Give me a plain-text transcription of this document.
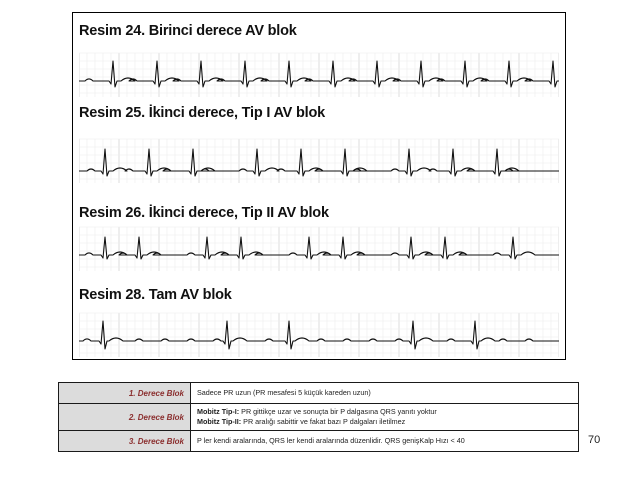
Resim 24. Birinci derece AV blok
Resim 25. İkinci derece, Tip I AV blok
Resim 26. İkinci derece, Tip II AV blok
Resim 28. Tam AV blok
1. Derece Blok	Sadece PR uzun (PR mesafesi 5 küçük kareden uzun)
2. Derece Blok	Mobitz Tip-I: PR gittikçe uzar ve sonuçta bir P dalgasına QRS yanıtı yoktur
Mobitz Tip-II: PR aralığı sabittir ve fakat bazı P dalgaları iletilmez

3. Derece Blok	P ler kendi aralarında, QRS ler kendi aralarında düzenlidir. QRS genişKalp Hızı < 40	70
